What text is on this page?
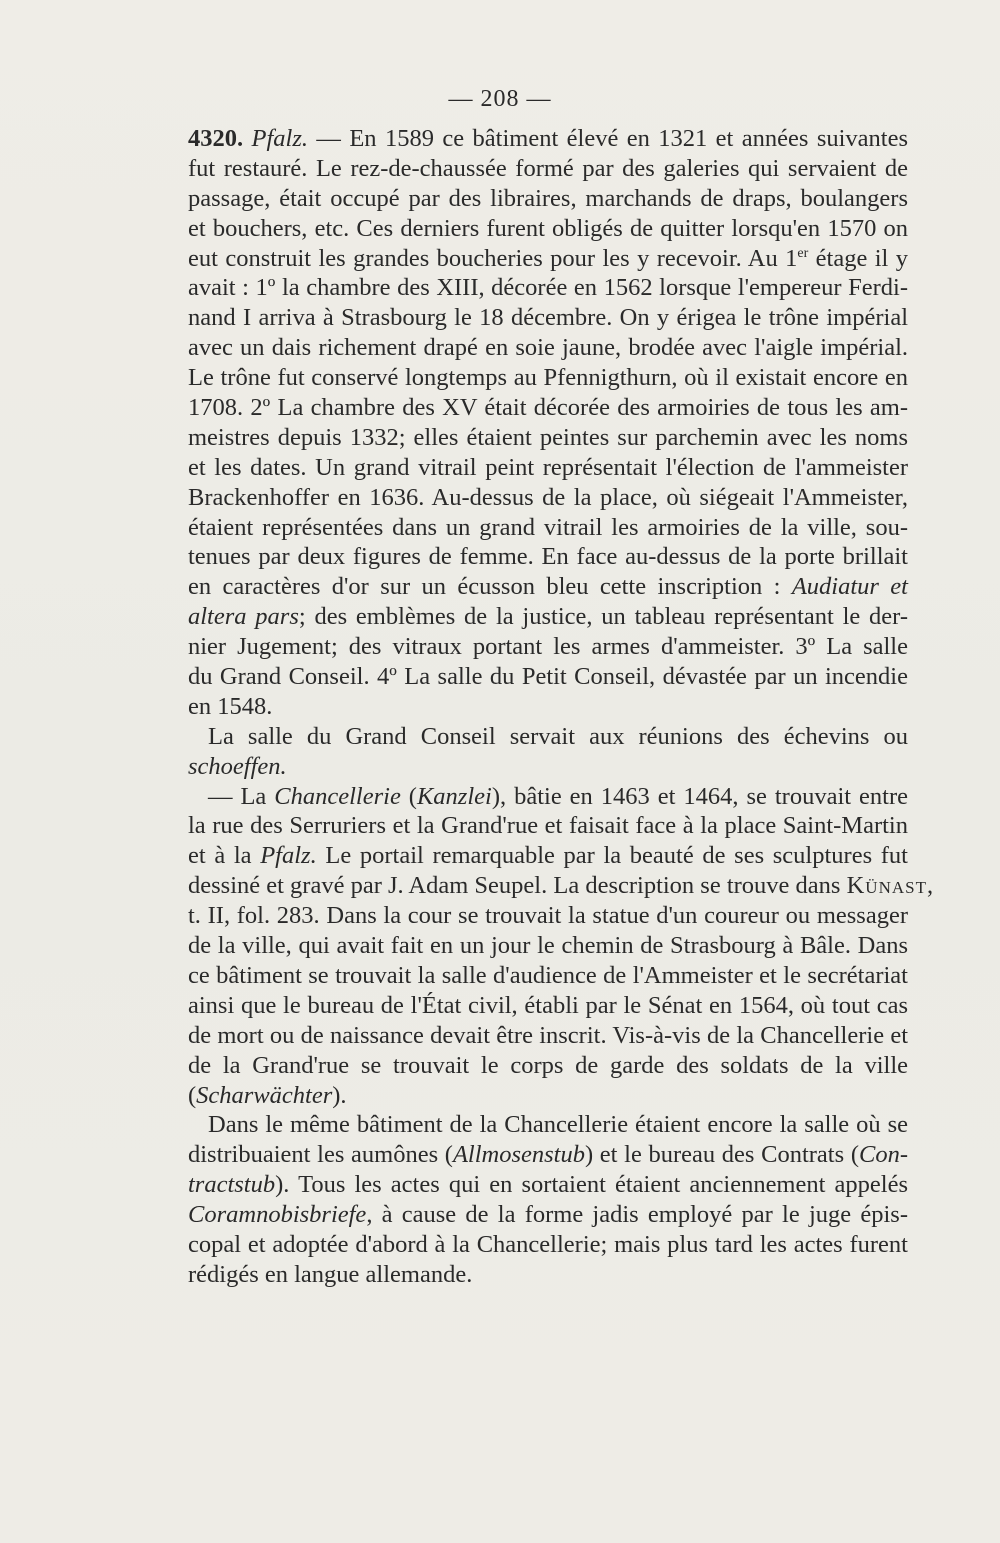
— 208 —
4320. Pfalz. — En 1589 ce bâtiment élevé en 1321 et années suivantes
fut restauré. Le rez-de-chaussée formé par des galeries qui servaient de
passage, était occupé par des libraires, marchands de draps, boulangers
et bouchers, etc. Ces derniers furent obligés de quitter lorsqu'en 1570 on
eut construit les grandes boucheries pour les y recevoir. Au 1er étage il y
avait : 1º la chambre des XIII, décorée en 1562 lorsque l'empereur Ferdi-
nand I arriva à Strasbourg le 18 décembre. On y érigea le trône impérial
avec un dais richement drapé en soie jaune, brodée avec l'aigle impérial.
Le trône fut conservé longtemps au Pfennigthurn, où il existait encore en
1708. 2º La chambre des XV était décorée des armoiries de tous les am-
meistres depuis 1332; elles étaient peintes sur parchemin avec les noms
et les dates. Un grand vitrail peint représentait l'élection de l'ammeister
Brackenhoffer en 1636. Au-dessus de la place, où siégeait l'Ammeister,
étaient représentées dans un grand vitrail les armoiries de la ville, sou-
tenues par deux figures de femme. En face au-dessus de la porte brillait
en caractères d'or sur un écusson bleu cette inscription : Audiatur et
altera pars; des emblèmes de la justice, un tableau représentant le der-
nier Jugement; des vitraux portant les armes d'ammeister. 3º La salle
du Grand Conseil. 4º La salle du Petit Conseil, dévastée par un incendie
en 1548.
La salle du Grand Conseil servait aux réunions des échevins ou
schoeffen.
— La Chancellerie (Kanzlei), bâtie en 1463 et 1464, se trouvait entre
la rue des Serruriers et la Grand'rue et faisait face à la place Saint-Martin
et à la Pfalz. Le portail remarquable par la beauté de ses sculptures fut
dessiné et gravé par J. Adam Seupel. La description se trouve dans Künast,
t. II, fol. 283. Dans la cour se trouvait la statue d'un coureur ou messager
de la ville, qui avait fait en un jour le chemin de Strasbourg à Bâle. Dans
ce bâtiment se trouvait la salle d'audience de l'Ammeister et le secrétariat
ainsi que le bureau de l'État civil, établi par le Sénat en 1564, où tout cas
de mort ou de naissance devait être inscrit. Vis-à-vis de la Chancellerie et
de la Grand'rue se trouvait le corps de garde des soldats de la ville
(Scharwächter).
Dans le même bâtiment de la Chancellerie étaient encore la salle où se
distribuaient les aumônes (Allmosenstub) et le bureau des Contrats (Con-
tractstub). Tous les actes qui en sortaient étaient anciennement appelés
Coramnobisbriefe, à cause de la forme jadis employé par le juge épis-
copal et adoptée d'abord à la Chancellerie; mais plus tard les actes furent
rédigés en langue allemande.
